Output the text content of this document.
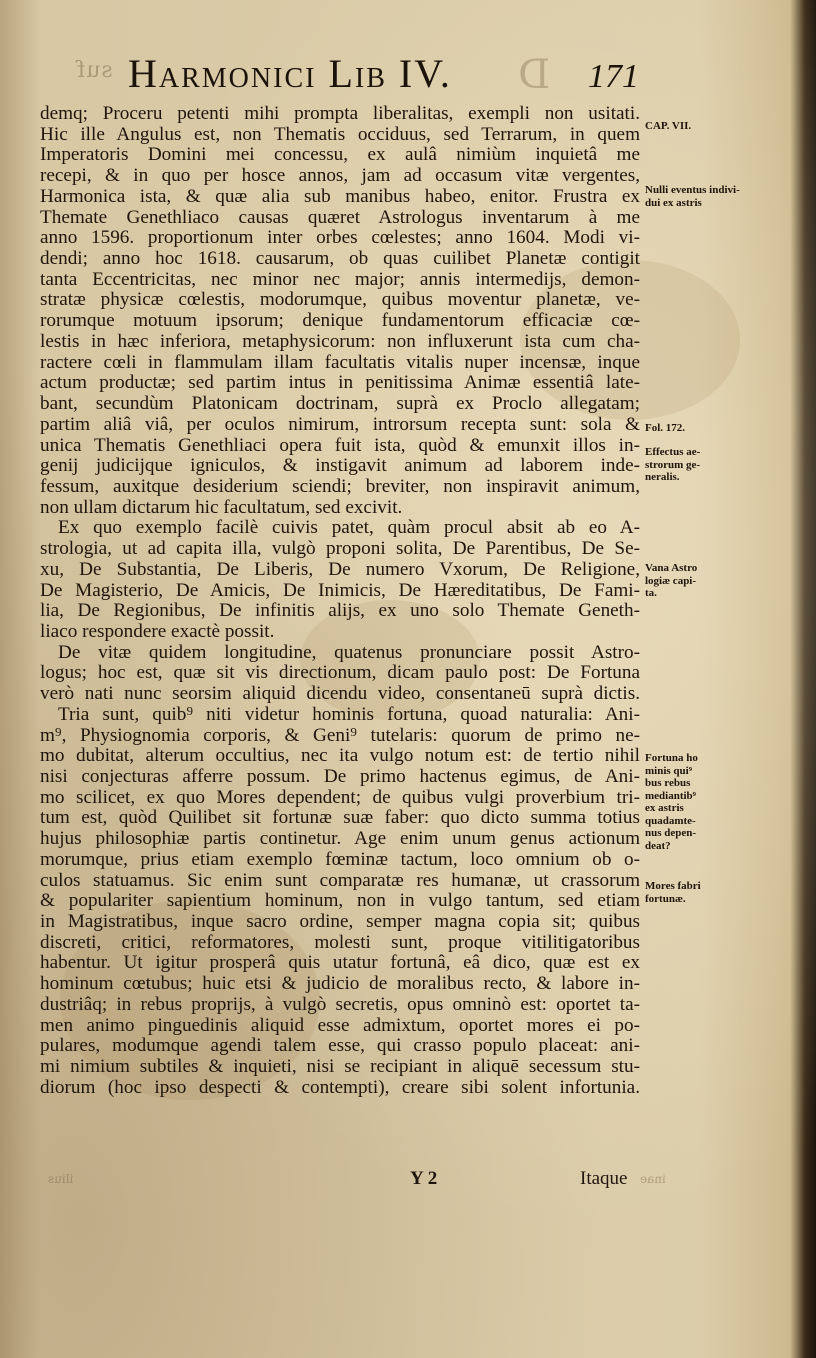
suf	D
Harmonici Lib IV.	171
demq; Proceru petenti mihi prompta liberalitas, exempli non usitati.
Hic ille Angulus est, non Thematis occiduus, sed Terrarum, in quem
Imperatoris Domini mei concessu, ex aulâ nimiùm inquietâ me
recepi, & in quo per hosce annos, jam ad occasum vitæ vergentes,
Harmonica ista, & quæ alia sub manibus habeo, enitor. Frustra ex
Themate Genethliaco causas quæret Astrologus inventarum à me
anno 1596. proportionum inter orbes cœlestes; anno 1604. Modi vi-
dendi; anno hoc 1618. causarum, ob quas cuilibet Planetæ contigit
tanta Eccentricitas, nec minor nec major; annis intermedijs, demon-
stratæ physicæ cœlestis, modorumque, quibus moventur planetæ, ve-
rorumque motuum ipsorum; denique fundamentorum efficaciæ cœ-
lestis in hæc inferiora, metaphysicorum: non influxerunt ista cum cha-
ractere cœli in flammulam illam facultatis vitalis nuper incensæ, inque
actum productæ; sed partim intus in penitissima Animæ essentiâ late-
bant, secundùm Platonicam doctrinam, suprà ex Proclo allegatam;
partim aliâ viâ, per oculos nimirum, introrsum recepta sunt: sola &
unica Thematis Genethliaci opera fuit ista, quòd & emunxit illos in-
genij judicijque igniculos, & instigavit animum ad laborem inde-
fessum, auxitque desiderium sciendi; breviter, non inspiravit animum,
non ullam dictarum hic facultatum, sed excivit.
Ex quo exemplo facilè cuivis patet, quàm procul absit ab eo A-
strologia, ut ad capita illa, vulgò proponi solita, De Parentibus, De Se-
xu, De Substantia, De Liberis, De numero Vxorum, De Religione,
De Magisterio, De Amicis, De Inimicis, De Hæreditatibus, De Fami-
lia, De Regionibus, De infinitis alijs, ex uno solo Themate Geneth-
liaco respondere exactè possit.
De vitæ quidem longitudine, quatenus pronunciare possit Astro-
logus; hoc est, quæ sit vis directionum, dicam paulo post: De Fortuna
verò nati nunc seorsim aliquid dicendu video, consentaneū suprà dictis.
Tria sunt, quib⁹ niti videtur hominis fortuna, quoad naturalia: Ani-
m⁹, Physiognomia corporis, & Geni⁹ tutelaris: quorum de primo ne-
mo dubitat, alterum occultius, nec ita vulgo notum est: de tertio nihil
nisi conjecturas afferre possum. De primo hactenus egimus, de Ani-
mo scilicet, ex quo Mores dependent; de quibus vulgi proverbium tri-
tum est, quòd Quilibet sit fortunæ suæ faber: quo dicto summa totius
hujus philosophiæ partis continetur. Age enim unum genus actionum
morumque, prius etiam exemplo fœminæ tactum, loco omnium ob o-
culos statuamus. Sic enim sunt comparatæ res humanæ, ut crassorum
& populariter sapientium hominum, non in vulgo tantum, sed etiam
in Magistratibus, inque sacro ordine, semper magna copia sit; quibus
discreti, critici, reformatores, molesti sunt, proque vitilitigatoribus
habentur. Ut igitur prosperâ quis utatur fortunâ, eâ dico, quæ est ex
hominum cœtubus; huic etsi & judicio de moralibus recto, & labore in-
dustriâq; in rebus proprijs, à vulgò secretis, opus omninò est: oportet ta-
men animo pinguedinis aliquid esse admixtum, oportet mores ei po-
pulares, modumque agendi talem esse, qui crasso populo placeat: ani-
mi nimium subtiles & inquieti, nisi se recipiant in aliquē secessum stu-
diorum (hoc ipso despecti & contempti), creare sibi solent infortunia.
CAP. VII.
Nulli eventus indivi-
dui ex astris
Fol. 172.
Effectus ae-
strorum ge-
neralis.
Vana Astro
logiæ capi-
ta.
Fortuna ho
minis qui⁹
bus rebus
mediantib⁹
ex astris
quadamte-
nus depen-
deat?
Mores fabri
fortunæ.
ilius	inae
Y 2	Itaque
